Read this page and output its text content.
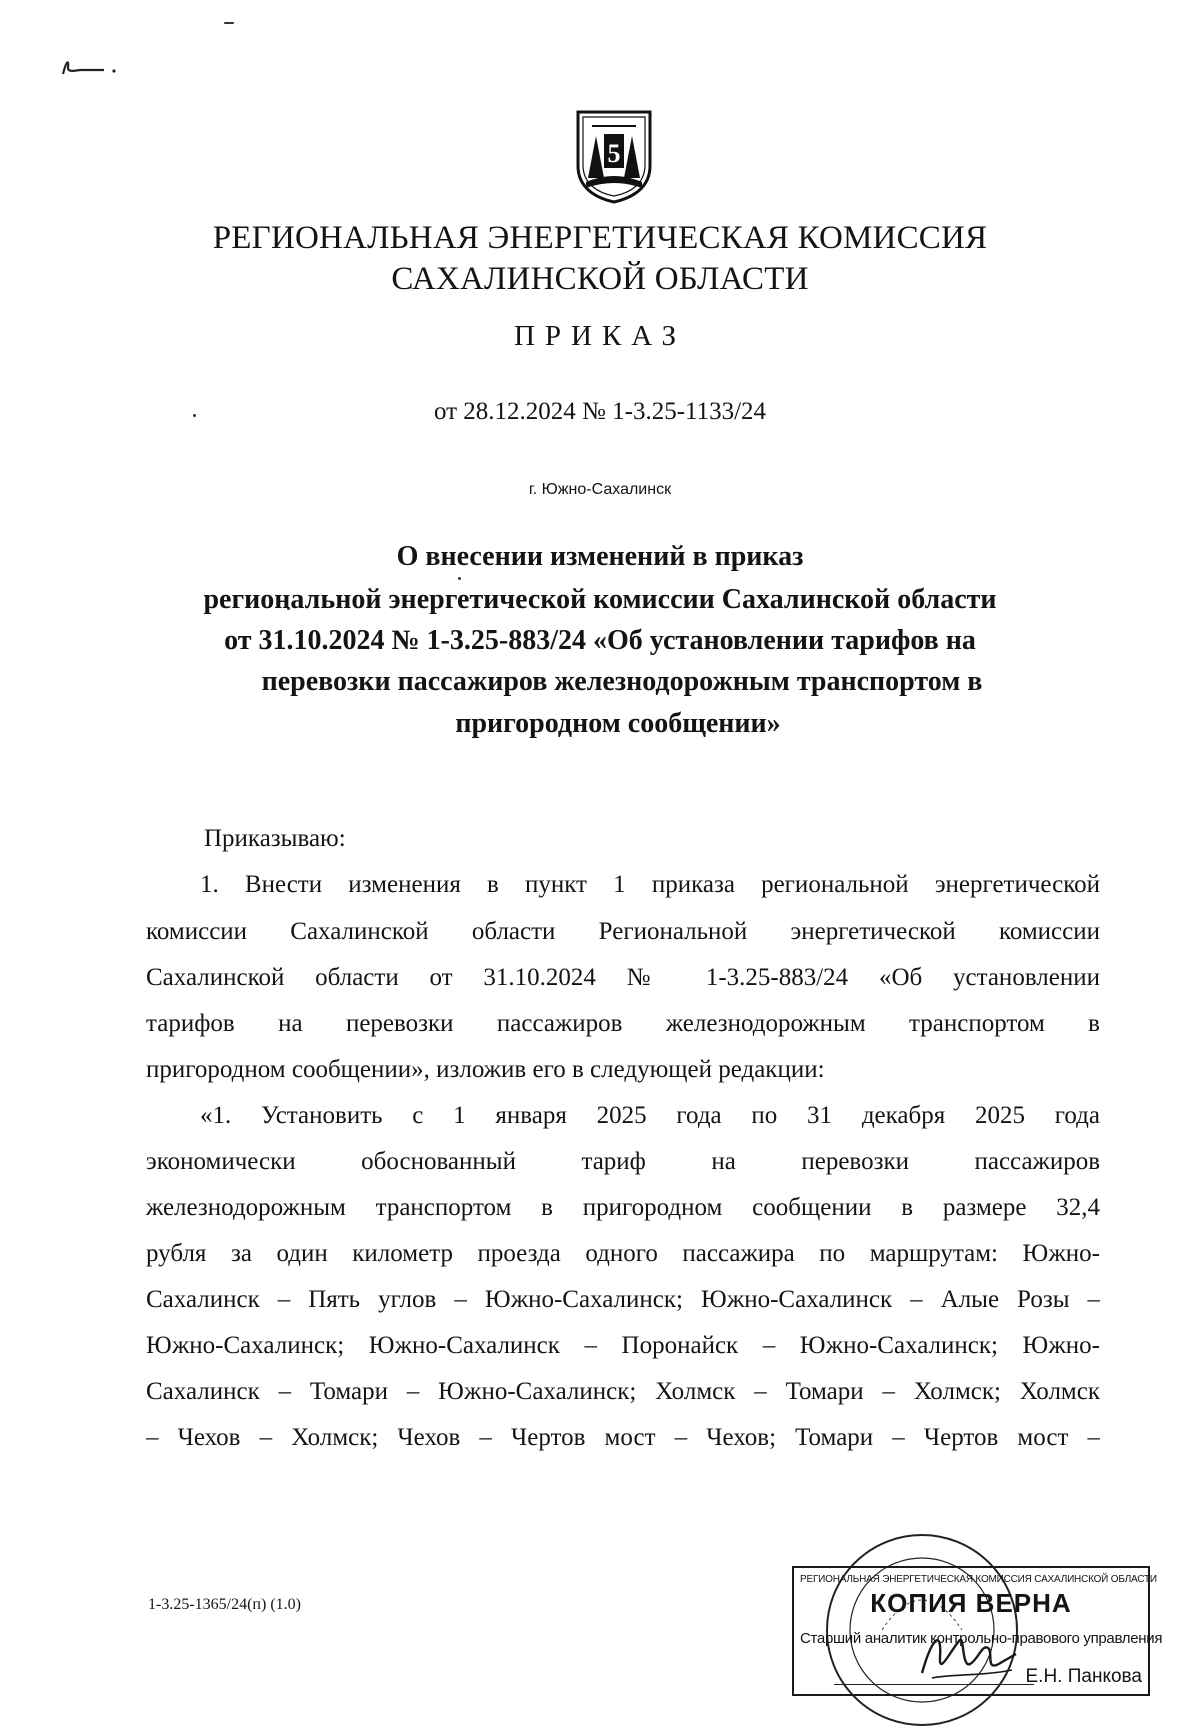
5
РЕГИОНАЛЬНАЯ ЭНЕРГЕТИЧЕСКАЯ КОМИССИЯ
САХАЛИНСКОЙ ОБЛАСТИ
ПРИКАЗ
от 28.12.2024 № 1-3.25-1133/24
г. Южно-Сахалинск
О внесении изменений в приказ
региональной энергетической комиссии Сахалинской области
от 31.10.2024 № 1-3.25-883/24 «Об установлении тарифов на
перевозки пассажиров железнодорожным транспортом в
пригородном сообщении»
Приказываю:
1. Внести изменения в пункт 1 приказа региональной энергетической
комиссии Сахалинской области Региональной энергетической комиссии
Сахалинской области от 31.10.2024 № 1-3.25-883/24 «Об установлении
тарифов на перевозки пассажиров железнодорожным транспортом в
пригородном сообщении», изложив его в следующей редакции:
«1. Установить с 1 января 2025 года по 31 декабря 2025 года
экономически обоснованный тариф на перевозки пассажиров
железнодорожным транспортом в пригородном сообщении в размере 32,4
рубля за один километр проезда одного пассажира по маршрутам: Южно-
Сахалинск – Пять углов – Южно-Сахалинск; Южно-Сахалинск – Алые Розы –
Южно-Сахалинск; Южно-Сахалинск – Поронайск – Южно-Сахалинск; Южно-
Сахалинск – Томари – Южно-Сахалинск; Холмск – Томари – Холмск; Холмск
– Чехов – Холмск; Чехов – Чертов мост – Чехов; Томари – Чертов мост –
1-3.25-1365/24(п) (1.0)
РЕГИОНАЛЬНАЯ ЭНЕРГЕТИЧЕСКАЯ КОМИССИЯ САХАЛИНСКОЙ ОБЛАСТИ
КОПИЯ ВЕРНА
Старший аналитик контрольно-правового управления
Е.Н. Панкова
